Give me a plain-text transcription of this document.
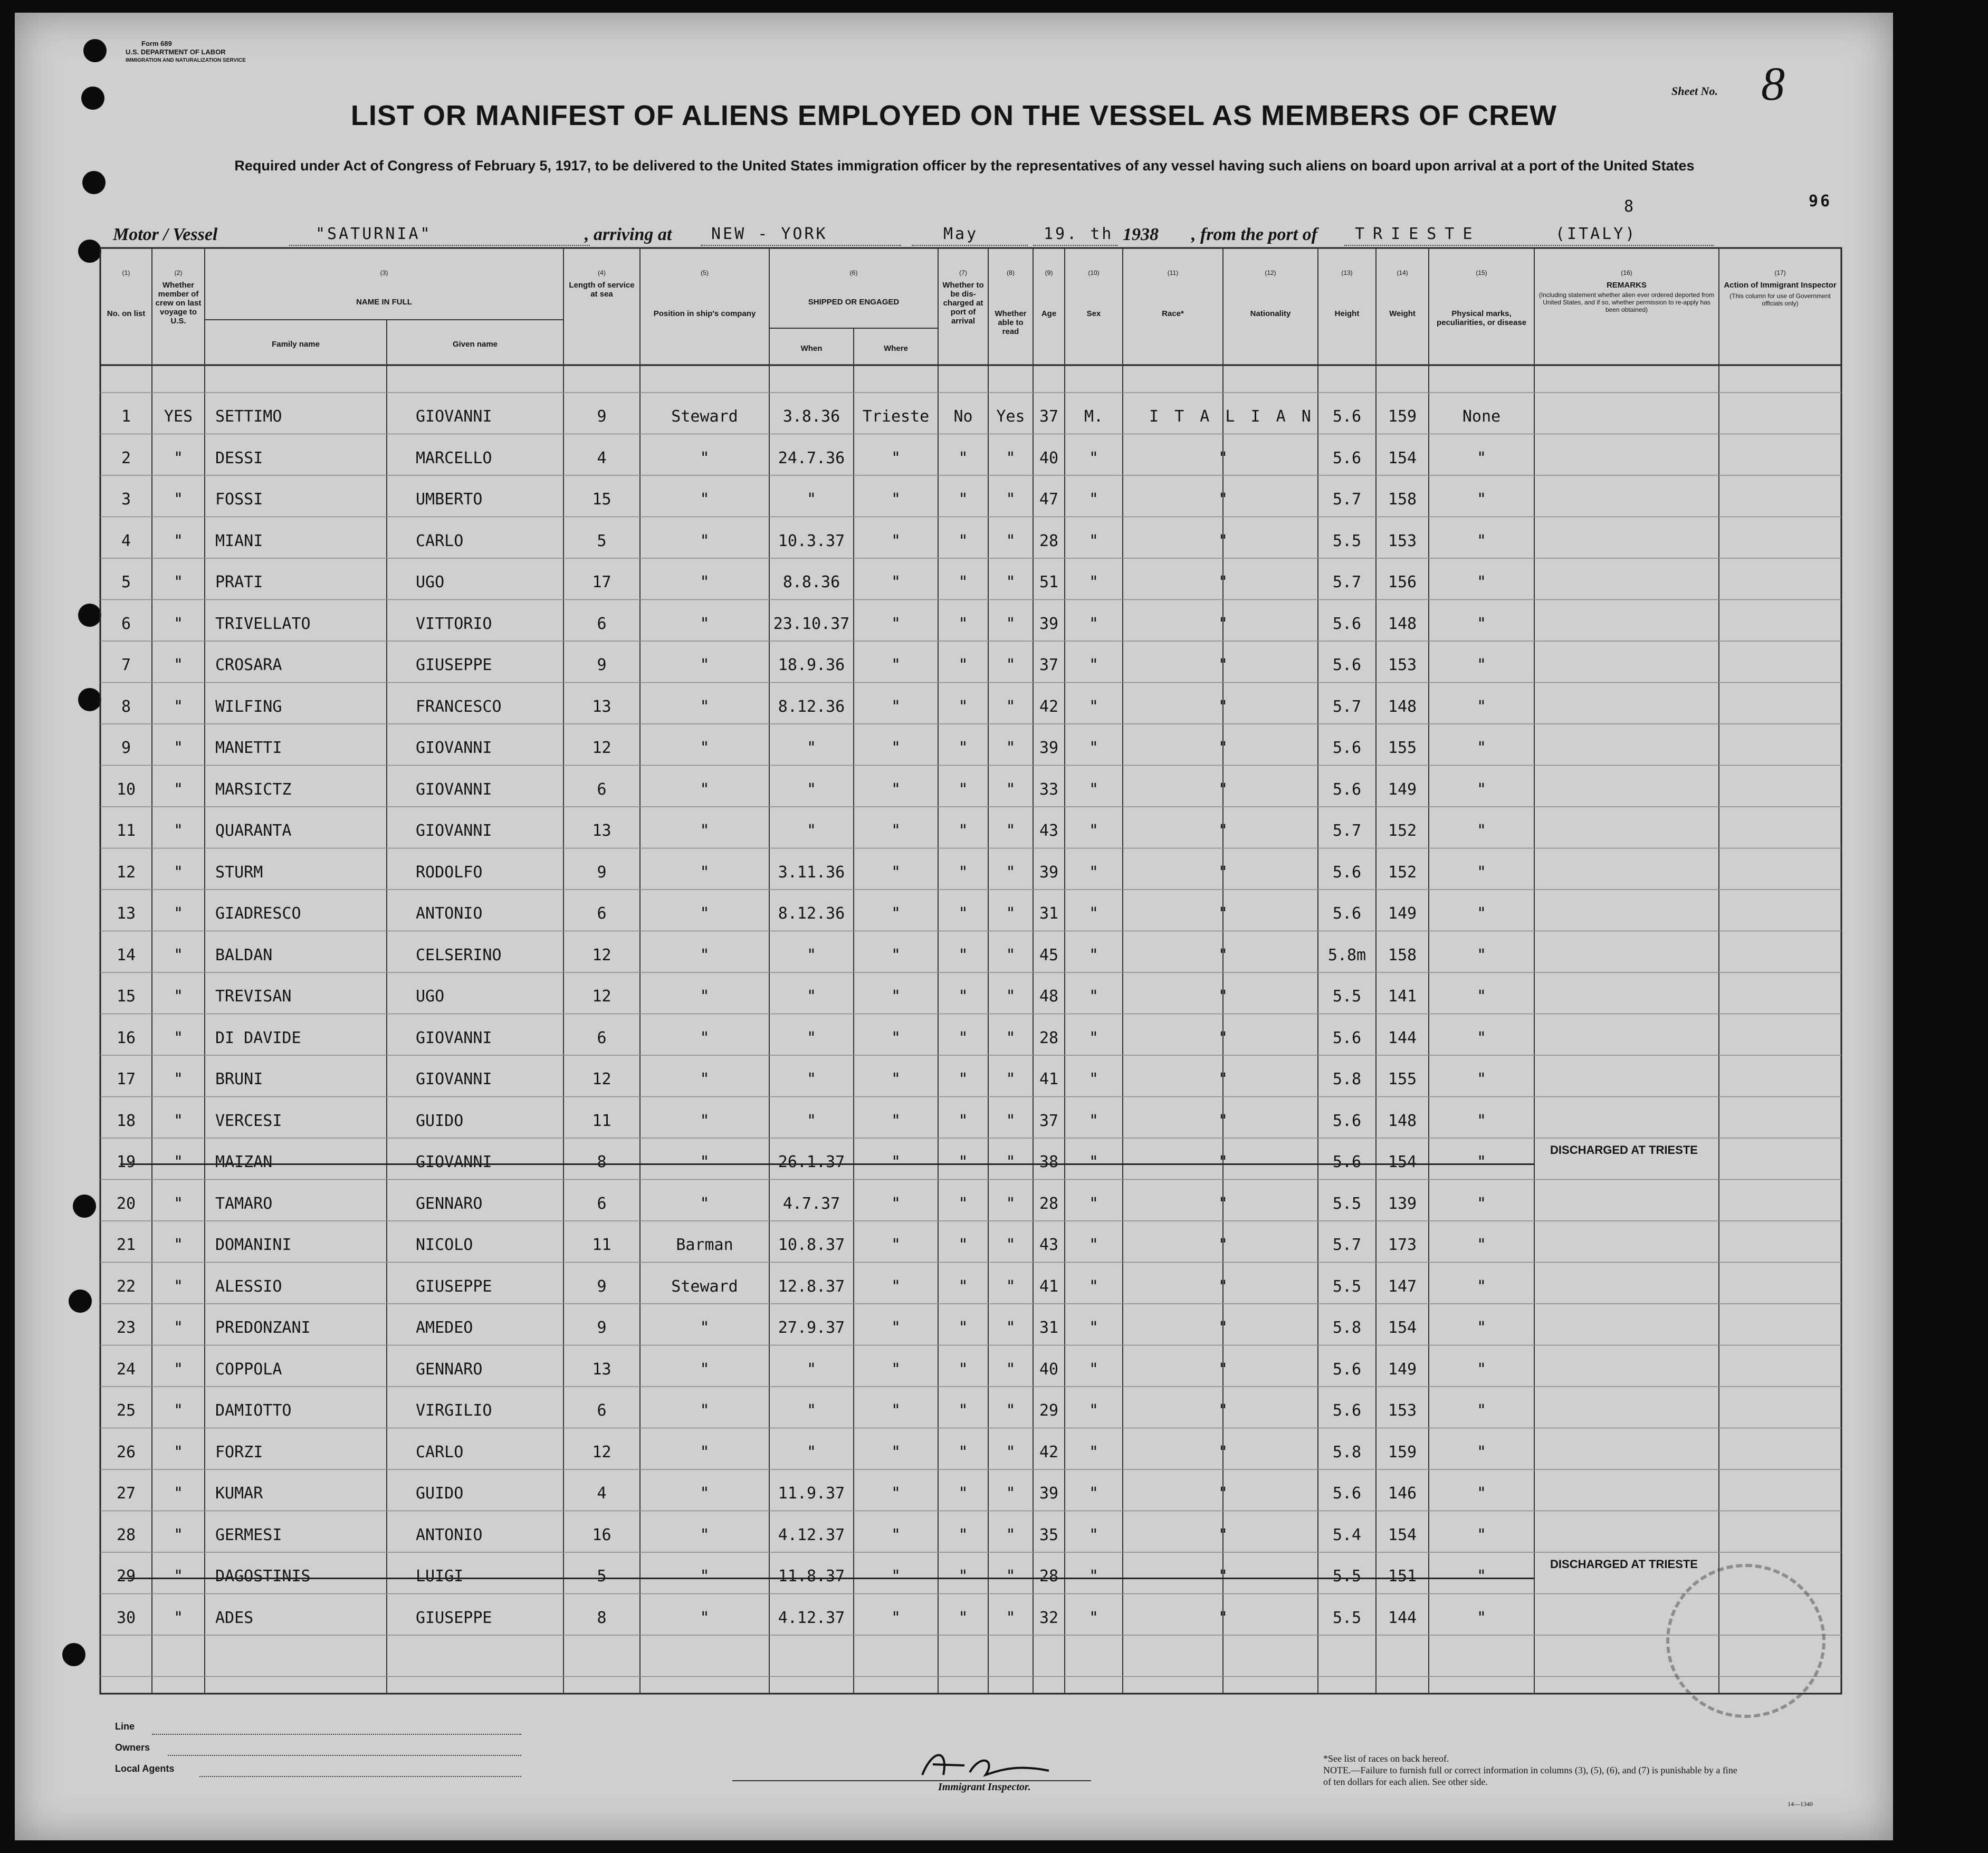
Form 689
U.S. DEPARTMENT OF LABOR
IMMIGRATION AND NATURALIZATION SERVICE
Sheet No. 8
LIST OR MANIFEST OF ALIENS EMPLOYED ON THE VESSEL AS MEMBERS OF CREW
Required under Act of Congress of February 5, 1917, to be delivered to the United States immigration officer by the representatives of any vessel having such aliens on board upon arrival at a port of the United States
8	96
Motor / Vessel	"SATURNIA"	, arriving at NEW - YORK	May	19. th 1938 , from the port of TRIESTE	(ITALY)
(1)
No. on list
(2)
Whether member of crew on last voyage to U.S.
(3)
NAME IN FULL
(4)
Length of service at sea
(5)
Position in ship's company
(6)
SHIPPED OR ENGAGED
(7)
Whether to be dis-charged at port of arrival
(8)
Whether able to read
(9)
Age
(10)
Sex
(11)
Race*
(12)
Nationality
(13)
Height
(14)
Weight
(15)
Physical marks, peculiarities, or disease
(16)
REMARKS
(17)
Action of Immigrant Inspector
Family name	Given name	When	Where
(Including statement whether alien ever ordered deported from United States, and if so, whether permission to re-apply has been obtained)
(This column for use of Government officials only)
1	YES	SETTIMO	GIOVANNI	9	Steward	3.8.36	Trieste	No	Yes 37	M.	I T A L I A N	5.6	159	None
2	"	DESSI	MARCELLO	4	"	24.7.36	"	"	"	40	"	"	5.6	154	"
3	"	FOSSI	UMBERTO	15	"	"	"	"	"	47	"	"	5.7	158	"
4	"	MIANI	CARLO	5	"	10.3.37	"	"	"	28	"	"	5.5	153	"
5	"	PRATI	UGO	17	"	8.8.36	"	"	"	51	"	"	5.7	156	"
6	"	TRIVELLATO	VITTORIO	6	"	23.10.37	"	"	"	39	"	"	5.6	148	"
7	"	CROSARA	GIUSEPPE	9	"	18.9.36	"	"	"	37	"	"	5.6	153	"
8	"	WILFING	FRANCESCO	13	"	8.12.36	"	"	"	42	"	"	5.7	148	"
9	"	MANETTI	GIOVANNI	12	"	"	"	"	"	39	"	"	5.6	155	"
10	"	MARSICTZ	GIOVANNI	6	"	"	"	"	"	33	"	"	5.6	149	"
11	"	QUARANTA	GIOVANNI	13	"	"	"	"	"	43	"	"	5.7	152	"
12	"	STURM	RODOLFO	9	"	3.11.36	"	"	"	39	"	"	5.6	152	"
13	"	GIADRESCO	ANTONIO	6	"	8.12.36	"	"	"	31	"	"	5.6	149	"
14	"	BALDAN	CELSERINO	12	"	"	"	"	"	45	"	"	5.8m	158	"
15	"	TREVISAN	UGO	12	"	"	"	"	"	48	"	"	5.5	141	"
16	"	DI DAVIDE	GIOVANNI	6	"	"	"	"	"	28	"	"	5.6	144	"
17	"	BRUNI	GIOVANNI	12	"	"	"	"	"	41	"	"	5.8	155	"
18	"	VERCESI	GUIDO	11	"	"	"	"	"	37	"	"	5.6	148	"
19	"	MAIZAN	GIOVANNI	8	"	26.1.37	"	"	"	38	"	"	5.6	154	"
DISCHARGED AT TRIESTE
20	"	TAMARO	GENNARO	6	"	4.7.37	"	"	"	28	"	"	5.5	139	"
21	"	DOMANINI	NICOLO	11	Barman	10.8.37	"	"	"	43	"	"	5.7	173	"
22	"	ALESSIO	GIUSEPPE	9	Steward	12.8.37	"	"	"	41	"	"	5.5	147	"
23	"	PREDONZANI	AMEDEO	9	"	27.9.37	"	"	"	31	"	"	5.8	154	"
24	"	COPPOLA	GENNARO	13	"	"	"	"	"	40	"	"	5.6	149	"
25	"	DAMIOTTO	VIRGILIO	6	"	"	"	"	"	29	"	"	5.6	153	"
26	"	FORZI	CARLO	12	"	"	"	"	"	42	"	"	5.8	159	"
27	"	KUMAR	GUIDO	4	"	11.9.37	"	"	"	39	"	"	5.6	146	"
28	"	GERMESI	ANTONIO	16	"	4.12.37	"	"	"	35	"	"	5.4	154	"
29	"	DAGOSTINIS	LUIGI	5	"	11.8.37	"	"	"	28	"	"	5.5	151	"
DISCHARGED AT TRIESTE
30	"	ADES	GIUSEPPE	8	"	4.12.37	"	"	"	32	"	"	5.5	144	"
Line
Owners
Local Agents
Immigrant Inspector.
*See list of races on back hereof.
NOTE.—Failure to furnish full or correct information in columns (3), (5), (6), and (7) is punishable by a fine of ten dollars for each alien. See other side.
14—1340
